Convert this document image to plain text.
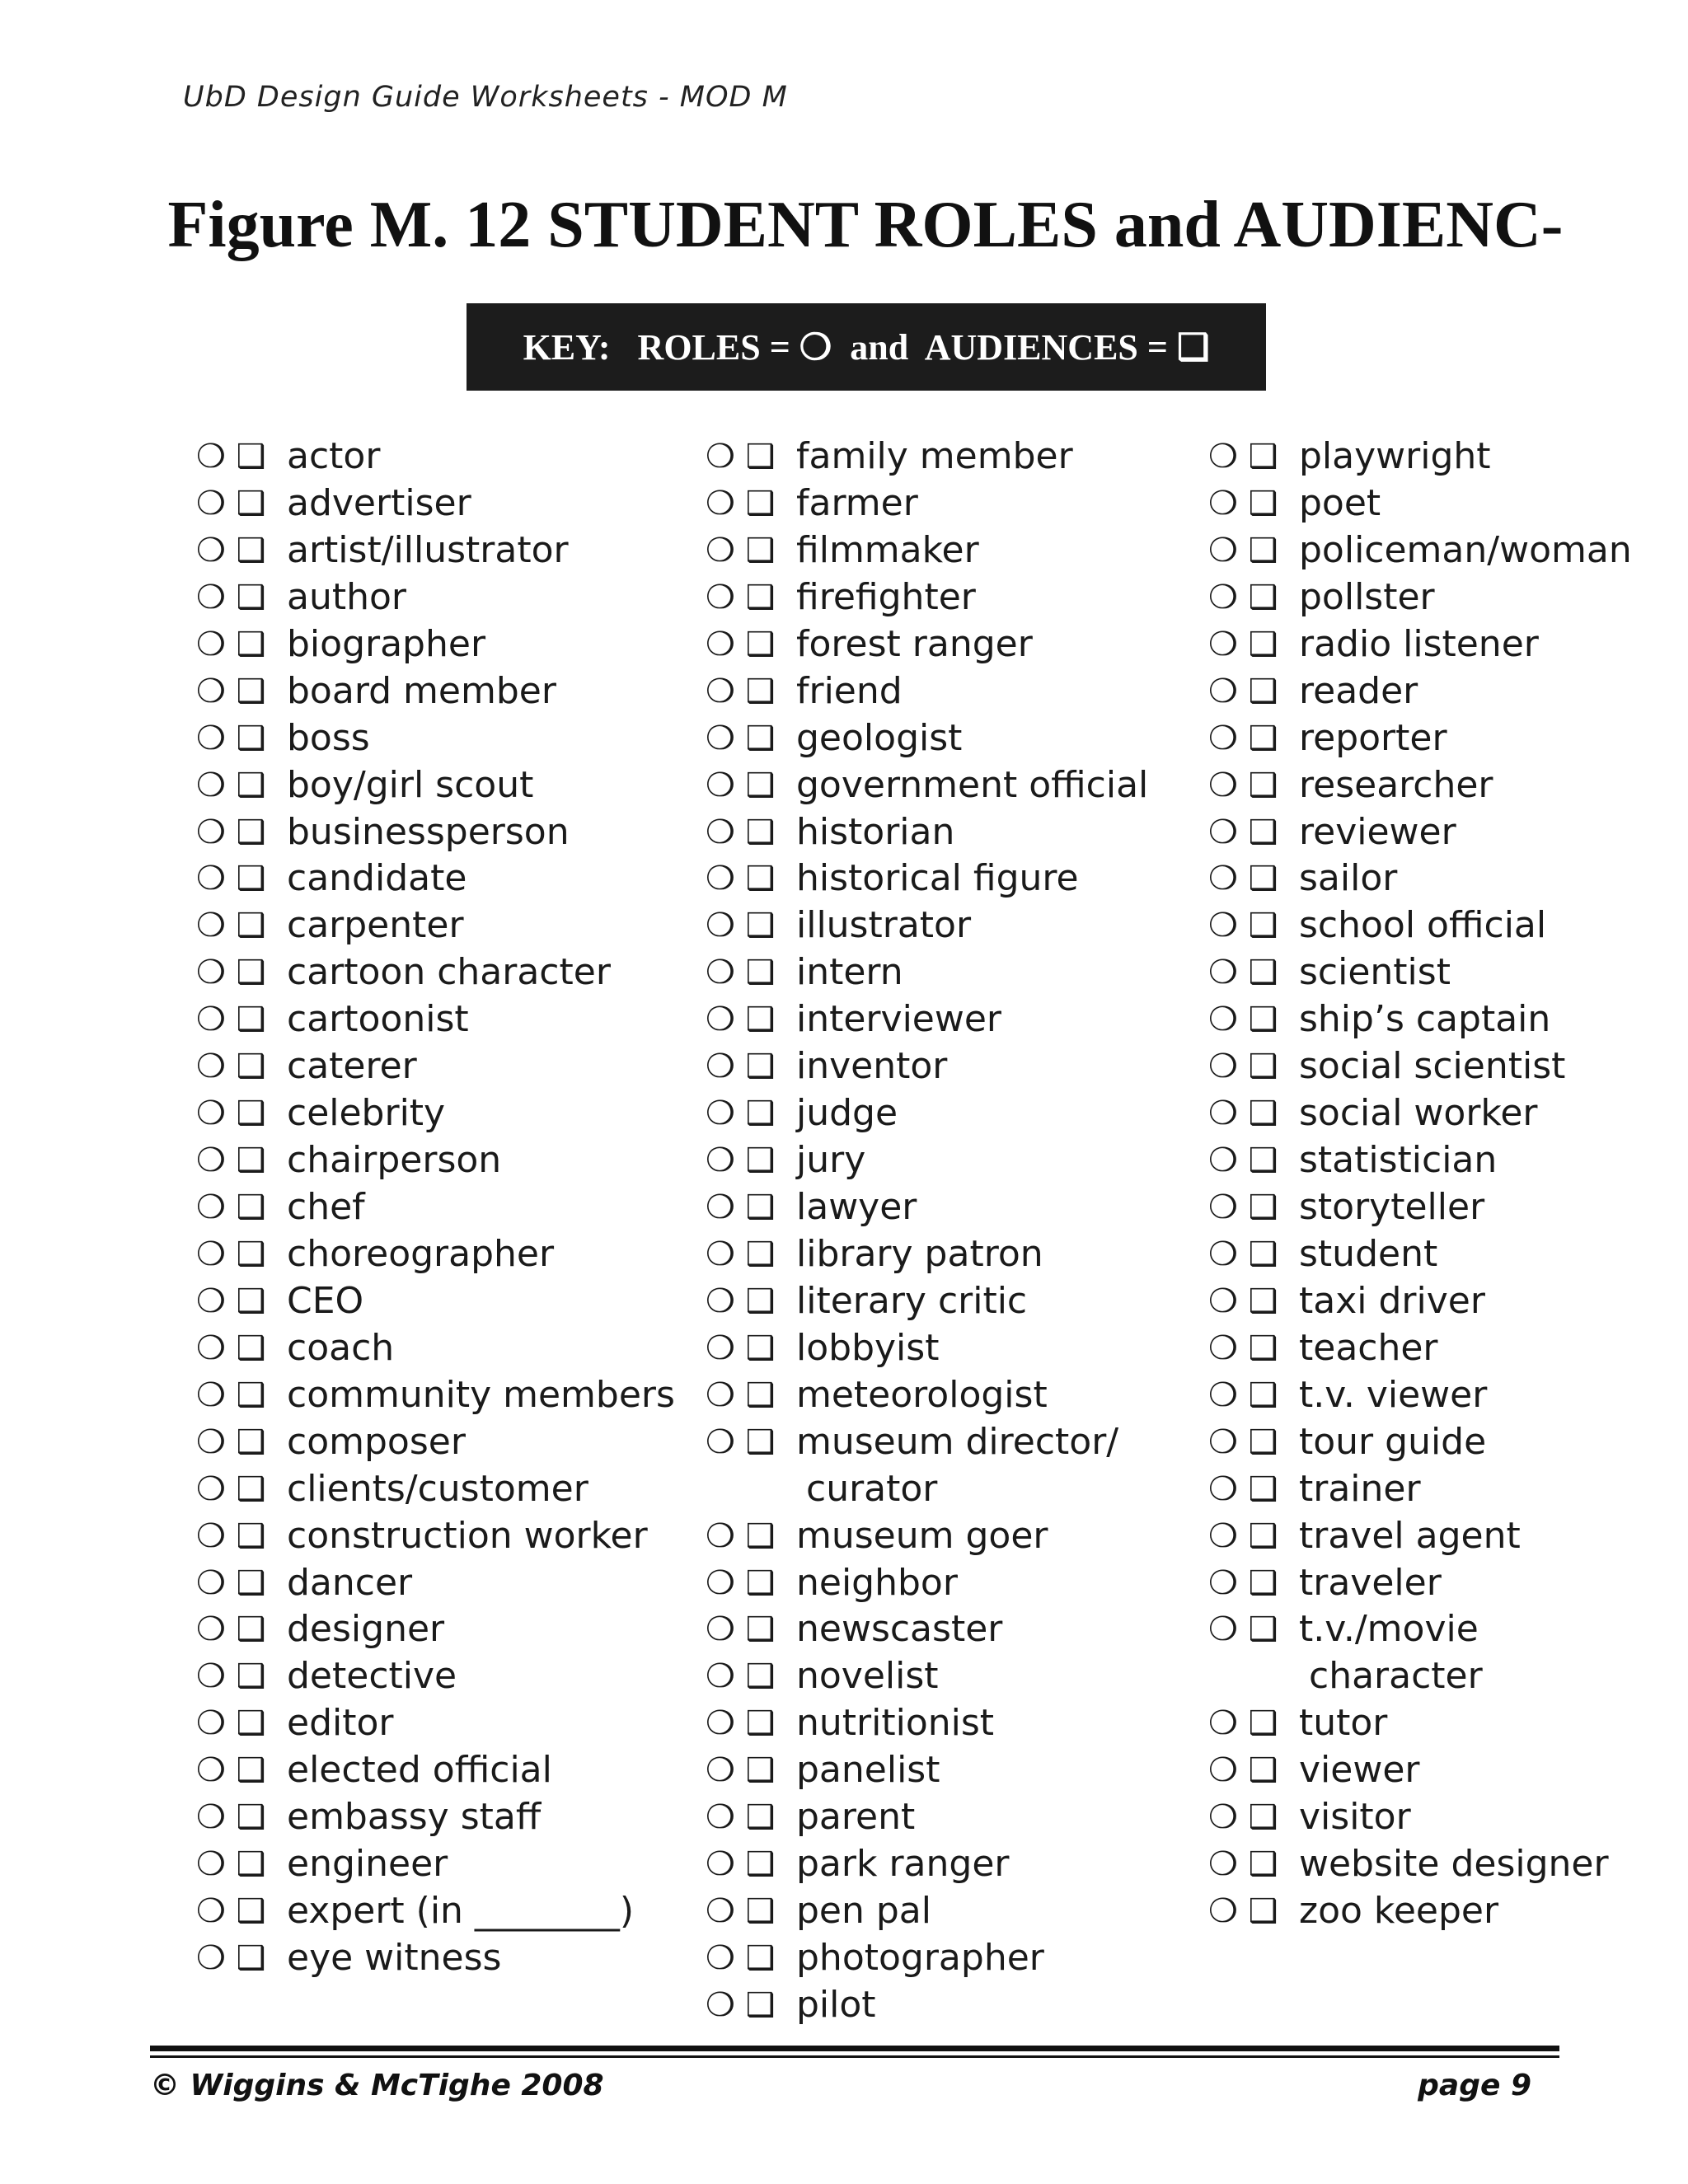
UbD Design Guide Worksheets - MOD M
Figure M. 12 STUDENT ROLES and AUDIENC-
KEY:   ROLES = ❍  and  AUDIENCES = ❑
❍ ❑ actor
❍ ❑ advertiser
❍ ❑ artist/illustrator
❍ ❑ author
❍ ❑ biographer
❍ ❑ board member
❍ ❑ boss
❍ ❑ boy/girl scout
❍ ❑ businessperson
❍ ❑ candidate
❍ ❑ carpenter
❍ ❑ cartoon character
❍ ❑ cartoonist
❍ ❑ caterer
❍ ❑ celebrity
❍ ❑ chairperson
❍ ❑ chef
❍ ❑ choreographer
❍ ❑ CEO
❍ ❑ coach
❍ ❑ community members
❍ ❑ composer
❍ ❑ clients/customer
❍ ❑ construction worker
❍ ❑ dancer
❍ ❑ designer
❍ ❑ detective
❍ ❑ editor
❍ ❑ elected official
❍ ❑ embassy staff
❍ ❑ engineer
❍ ❑ expert (in ________)
❍ ❑ eye witness
❍ ❑ family member
❍ ❑ farmer
❍ ❑ filmmaker
❍ ❑ firefighter
❍ ❑ forest ranger
❍ ❑ friend
❍ ❑ geologist
❍ ❑ government official
❍ ❑ historian
❍ ❑ historical figure
❍ ❑ illustrator
❍ ❑ intern
❍ ❑ interviewer
❍ ❑ inventor
❍ ❑ judge
❍ ❑ jury
❍ ❑ lawyer
❍ ❑ library patron
❍ ❑ literary critic
❍ ❑ lobbyist
❍ ❑ meteorologist
❍ ❑ museum director/
curator
❍ ❑ museum goer
❍ ❑ neighbor
❍ ❑ newscaster
❍ ❑ novelist
❍ ❑ nutritionist
❍ ❑ panelist
❍ ❑ parent
❍ ❑ park ranger
❍ ❑ pen pal
❍ ❑ photographer
❍ ❑ pilot
❍ ❑ playwright
❍ ❑ poet
❍ ❑ policeman/woman
❍ ❑ pollster
❍ ❑ radio listener
❍ ❑ reader
❍ ❑ reporter
❍ ❑ researcher
❍ ❑ reviewer
❍ ❑ sailor
❍ ❑ school official
❍ ❑ scientist
❍ ❑ ship’s captain
❍ ❑ social scientist
❍ ❑ social worker
❍ ❑ statistician
❍ ❑ storyteller
❍ ❑ student
❍ ❑ taxi driver
❍ ❑ teacher
❍ ❑ t.v. viewer
❍ ❑ tour guide
❍ ❑ trainer
❍ ❑ travel agent
❍ ❑ traveler
❍ ❑ t.v./movie
character
❍ ❑ tutor
❍ ❑ viewer
❍ ❑ visitor
❍ ❑ website designer
❍ ❑ zoo keeper
© Wiggins & McTighe 2008	page 9
